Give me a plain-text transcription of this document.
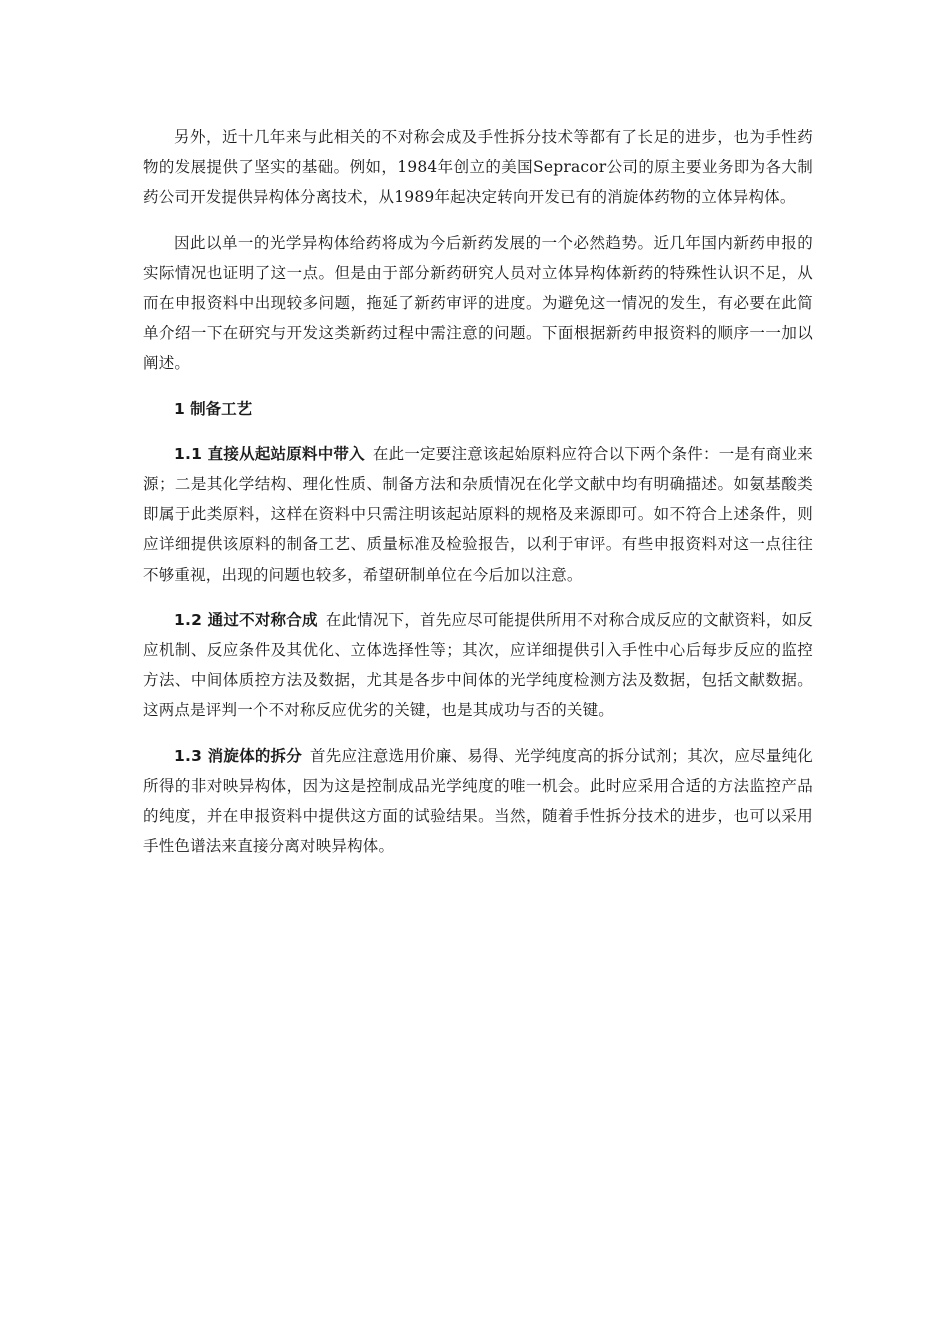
另外，近十几年来与此相关的不对称会成及手性拆分技术等都有了长足的进步，也为手性药物的发展提供了坚实的基础。例如，1984年创立的美国Sepracor公司的原主要业务即为各大制药公司开发提供异构体分离技术，从1989年起决定转向开发已有的消旋体药物的立体异构体。

因此以单一的光学异构体给药将成为今后新药发展的一个必然趋势。近几年国内新药申报的实际情况也证明了这一点。但是由于部分新药研究人员对立体异构体新药的特殊性认识不足，从而在申报资料中出现较多问题，拖延了新药审评的进度。为避免这一情况的发生，有必要在此简单介绍一下在研究与开发这类新药过程中需注意的问题。下面根据新药申报资料的顺序一一加以阐述。

1 制备工艺

1.1 直接从起站原料中带入 在此一定要注意该起始原料应符合以下两个条件：一是有商业来源；二是其化学结构、理化性质、制备方法和杂质情况在化学文献中均有明确描述。如氨基酸类即属于此类原料，这样在资料中只需注明该起站原料的规格及来源即可。如不符合上述条件，则应详细提供该原料的制备工艺、质量标准及检验报告，以利于审评。有些申报资料对这一点往往不够重视，出现的问题也较多，希望研制单位在今后加以注意。

1.2 通过不对称合成 在此情况下，首先应尽可能提供所用不对称合成反应的文献资料，如反应机制、反应条件及其优化、立体选择性等；其次，应详细提供引入手性中心后每步反应的监控方法、中间体质控方法及数据，尤其是各步中间体的光学纯度检测方法及数据，包括文献数据。这两点是评判一个不对称反应优劣的关键，也是其成功与否的关键。

1.3 消旋体的拆分 首先应注意选用价廉、易得、光学纯度高的拆分试剂；其次，应尽量纯化所得的非对映异构体，因为这是控制成品光学纯度的唯一机会。此时应采用合适的方法监控产品的纯度，并在申报资料中提供这方面的试验结果。当然，随着手性拆分技术的进步，也可以采用手性色谱法来直接分离对映异构体。
